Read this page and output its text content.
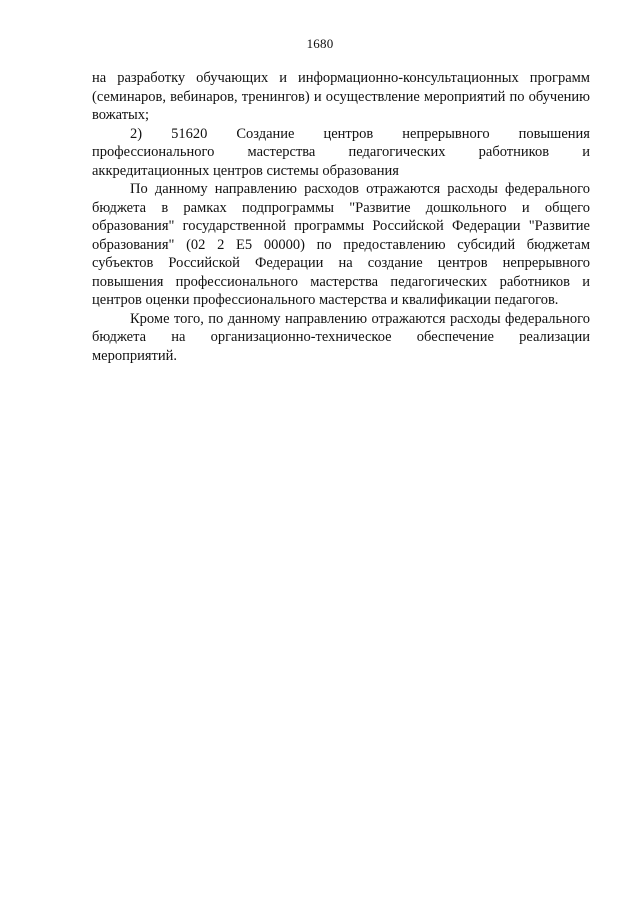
1680

на разработку обучающих и информационно-консультационных программ (семинаров, вебинаров, тренингов) и осуществление мероприятий по обучению вожатых;

2) 51620 Создание центров непрерывного повышения
профессионального мастерства педагогических работников и

аккредитационных центров системы образования

По данному направлению расходов отражаются расходы федерального бюджета в рамках подпрограммы "Развитие дошкольного и общего образования" государственной программы Российской Федерации "Развитие образования" (02 2 Е5 00000) по предоставлению субсидий бюджетам субъектов Российской Федерации на создание центров непрерывного повышения профессионального мастерства педагогических работников и центров оценки профессионального мастерства и квалификации педагогов.

Кроме того, по данному направлению отражаются расходы федерального бюджета на организационно-техническое обеспечение реализации мероприятий.
